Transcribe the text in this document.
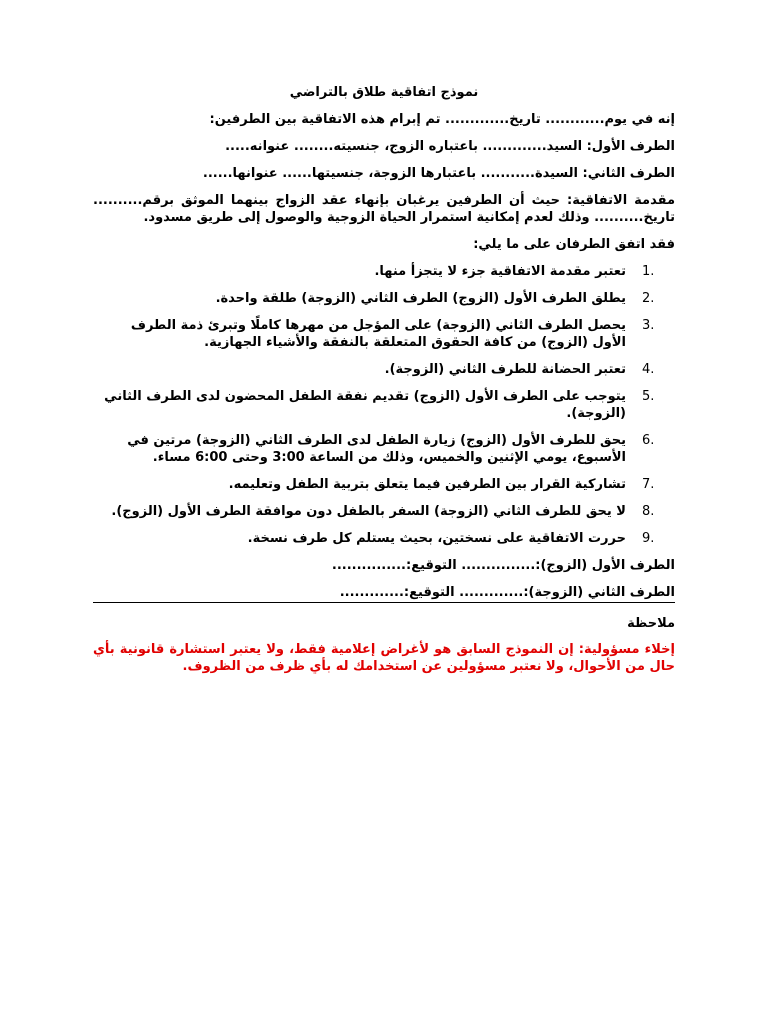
نموذج اتفاقية طلاق بالتراضي
إنه في يوم............ تاريخ............. تم إبرام هذه الاتفاقية بين الطرفين:
الطرف الأول: السيد............. باعتباره الزوج، جنسيته........ عنوانه.....
الطرف الثاني: السيدة........... باعتبارها الزوجة، جنسيتها...... عنوانها......
مقدمة الاتفاقية: حيث أن الطرفين يرغبان بإنهاء عقد الزواج بينهما الموثق برقم.......... تاريخ.......... وذلك لعدم إمكانية استمرار الحياة الزوجية والوصول إلى طريق مسدود.
فقد اتفق الطرفان على ما يلي:
1.
تعتبر مقدمة الاتفاقية جزء لا يتجزأ منها.
2.
يطلق الطرف الأول (الزوج) الطرف الثاني (الزوجة) طلقة واحدة.
3.
يحصل الطرف الثاني (الزوجة) على المؤجل من مهرها كاملًا وتبرئ ذمة الطرف الأول (الزوج) من كافة الحقوق المتعلقة بالنفقة والأشياء الجهازية.
4.
تعتبر الحضانة للطرف الثاني (الزوجة).
5.
يتوجب على الطرف الأول (الزوج) تقديم نفقة الطفل المحضون لدى الطرف الثاني (الزوجة).
6.
يحق للطرف الأول (الزوج) زيارة الطفل لدى الطرف الثاني (الزوجة) مرتين في الأسبوع، يومي الإثنين والخميس، وذلك من الساعة 3:00 وحتى 6:00 مساء.
7.
تشاركية القرار بين الطرفين فيما يتعلق بتربية الطفل وتعليمه.
8.
لا يحق للطرف الثاني (الزوجة) السفر بالطفل دون موافقة الطرف الأول (الزوج).
9.
حررت الاتفاقية على نسختين، بحيث يستلم كل طرف نسخة.
الطرف الأول (الزوج):............... التوقيع:...............
الطرف الثاني (الزوجة):............. التوقيع:.............
ملاحظة
إخلاء مسؤولية: إن النموذج السابق هو لأغراض إعلامية فقط، ولا يعتبر استشارة قانونية بأي حال من الأحوال، ولا نعتبر مسؤولين عن استخدامك له بأي ظرف من الظروف.
